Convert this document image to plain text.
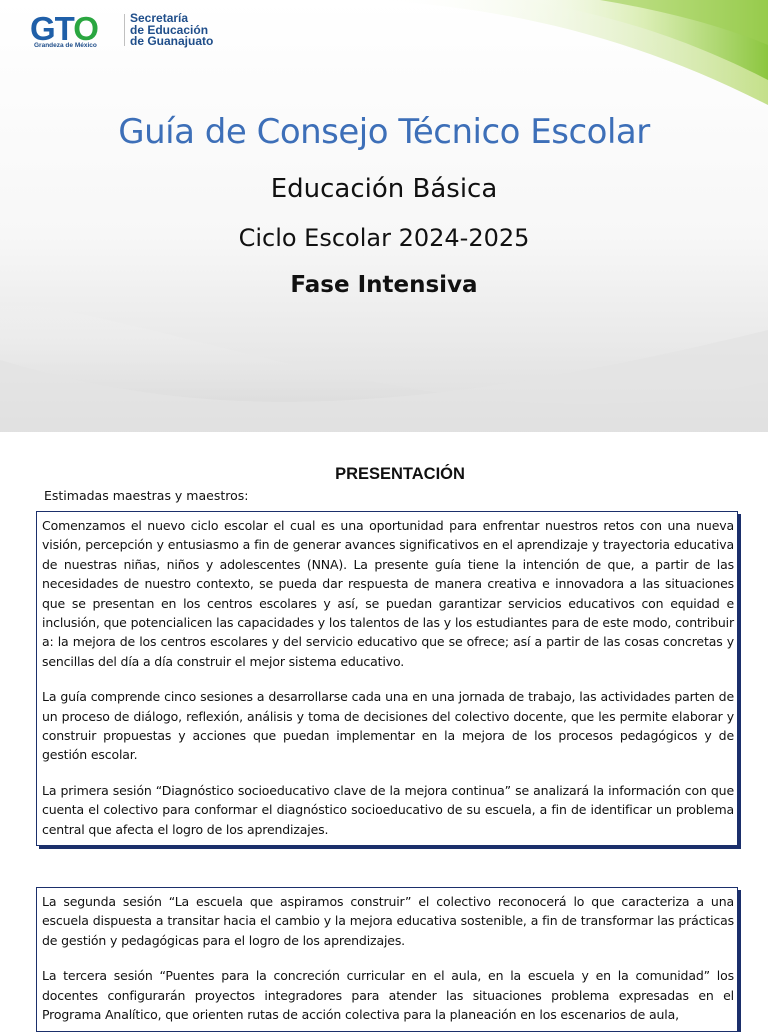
GTO
Grandeza de México
Secretaría
de Educación
de Guanajuato
Guía de Consejo Técnico Escolar
Educación Básica
Ciclo Escolar 2024-2025
Fase Intensiva
PRESENTACIÓN
Estimadas maestras y maestros:

Comenzamos el nuevo ciclo escolar el cual es una oportunidad para enfrentar nuestros retos con una nueva visión, percepción y entusiasmo a fin de generar avances significativos en el aprendizaje y trayectoria educativa de nuestras niñas, niños y adolescentes (NNA). La presente guía tiene la intención de que, a partir de las necesidades de nuestro contexto, se pueda dar respuesta de manera creativa e innovadora a las situaciones que se presentan en los centros escolares y así, se puedan garantizar servicios educativos con equidad e inclusión, que potencialicen las capacidades y los talentos de las y los estudiantes para de este modo, contribuir a: la mejora de los centros escolares y del servicio educativo que se ofrece; así a partir de las cosas concretas y sencillas del día a día construir el mejor sistema educativo.

La guía comprende cinco sesiones a desarrollarse cada una en una jornada de trabajo, las actividades parten de un proceso de diálogo, reflexión, análisis y toma de decisiones del colectivo docente, que les permite elaborar y construir propuestas y acciones que puedan implementar en la mejora de los procesos pedagógicos y de gestión escolar.

La primera sesión “Diagnóstico socioeducativo clave de la mejora continua” se analizará la información con que cuenta el colectivo para conformar el diagnóstico socioeducativo de su escuela, a fin de identificar un problema central que afecta el logro de los aprendizajes.

La segunda sesión “La escuela que aspiramos construir” el colectivo reconocerá lo que caracteriza a una escuela dispuesta a transitar hacia el cambio y la mejora educativa sostenible, a fin de transformar las prácticas de gestión y pedagógicas para el logro de los aprendizajes.

La tercera sesión “Puentes para la concreción curricular en el aula, en la escuela y en la comunidad” los docentes configurarán proyectos integradores para atender las situaciones problema expresadas en el Programa Analítico, que orienten rutas de acción colectiva para la planeación en los escenarios de aula,
